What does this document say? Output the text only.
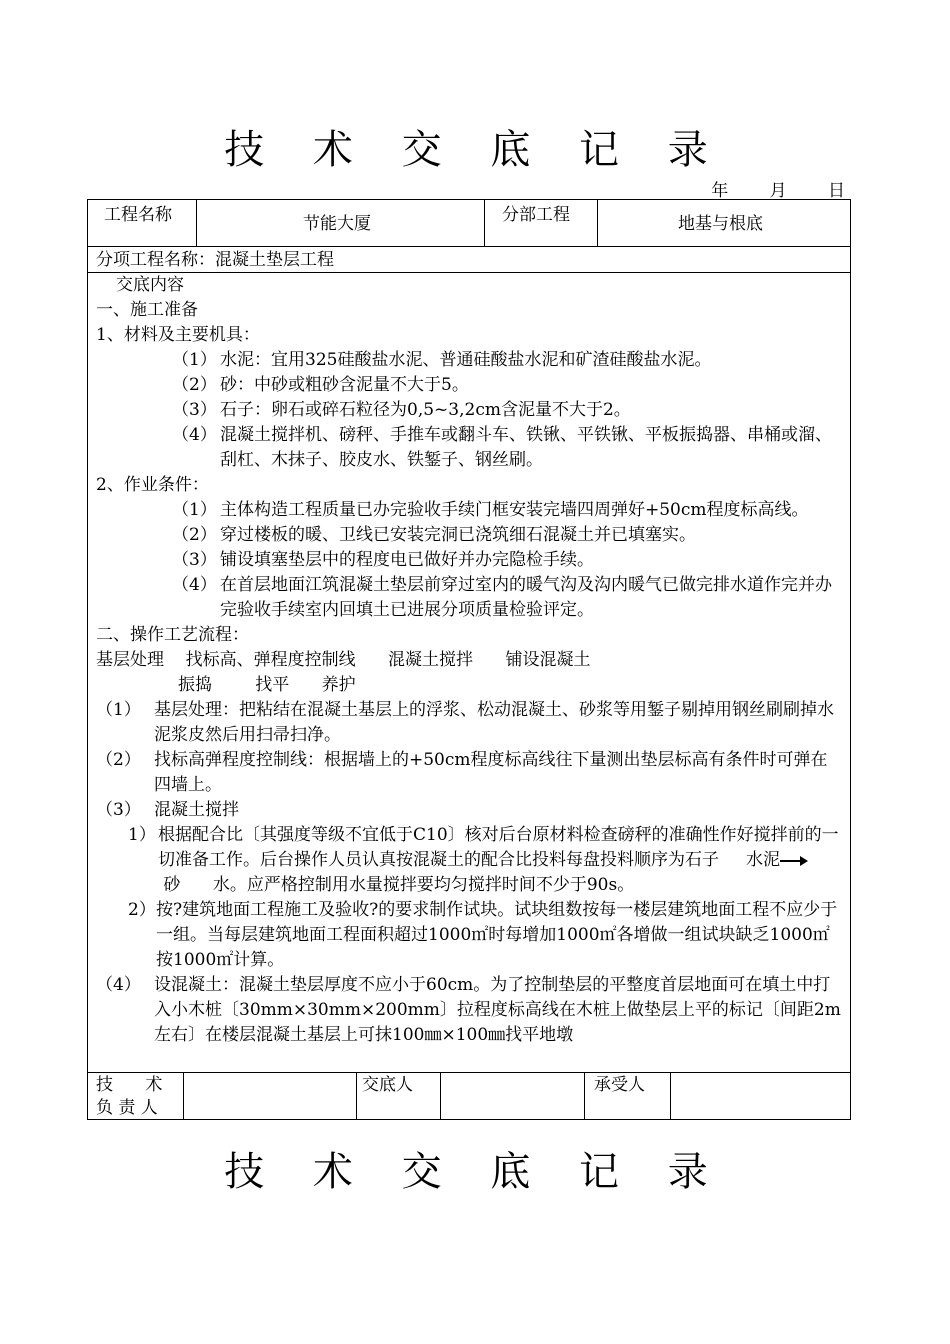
技 术 交 底 记 录
年 月 日
工程名称	节能大厦	分部工程	地基与根底
分项工程名称：混凝土垫层工程

交底内容

一、施工准备

1、材料及主要机具：

（1） 水泥：宜用325硅酸盐水泥、普通硅酸盐水泥和矿渣硅酸盐水泥。
（2） 砂：中砂或粗砂含泥量不大于5。
（3） 石子：卵石或碎石粒径为0,5~3,2cm含泥量不大于2。
（4） 混凝土搅拌机、磅秤、手推车或翻斗车、铁锹、平铁锹、平板振捣器、串桶或溜、刮杠、木抹子、胶皮水、铁錾子、钢丝刷。

2、作业条件：

（1） 主体构造工程质量已办完验收手续门框安装完墙四周弹好+50cm程度标高线。
（2） 穿过楼板的暖、卫线已安装完洞已浇筑细石混凝土并已填塞实。
（3） 铺设填塞垫层中的程度电已做好并办完隐检手续。
（4） 在首层地面江筑混凝土垫层前穿过室内的暖气沟及沟内暖气已做完排水道作完并办完验收手续室内回填土已进展分项质量检验评定。

二、操作工艺流程：

基层处理    找标高、弹程度控制线      混凝土搅拌      铺设混凝土

振捣        找平      养护

（1） 基层处理：把粘结在混凝土基层上的浮浆、松动混凝土、砂浆等用錾子剔掉用钢丝刷刷掉水泥浆皮然后用扫帚扫净。
（2） 找标高弹程度控制线：根据墙上的+50cm程度标高线往下量测出垫层标高有条件时可弹在四墙上。
（3） 混凝土搅拌
1） 根据配合比〔其强度等级不宜低于C10〕核对后台原材料检查磅秤的准确性作好搅拌前的一切准备工作。后台操作人员认真按混凝土的配合比投料每盘投料顺序为石子 水泥 砂 水。应严格控制用水量搅拌要均匀搅拌时间不少于90s。
2） 按?建筑地面工程施工及验收?的要求制作试块。试块组数按每一楼层建筑地面工程不应少于一组。当每层建筑地面工程面积超过1000㎡时每增加1000㎡各增做一组试块缺乏1000㎡按1000㎡计算。
（4） 设混凝土：混凝土垫层厚度不应小于60cm。为了控制垫层的平整度首层地面可在填土中打入小木桩〔30mm×30mm×200mm〕拉程度标高线在木桩上做垫层上平的标记〔间距2m左右〕在楼层混凝土基层上可抹100㎜×100㎜找平地墩
技      术
负 责 人
交底人	承受人
技 术 交 底 记 录
